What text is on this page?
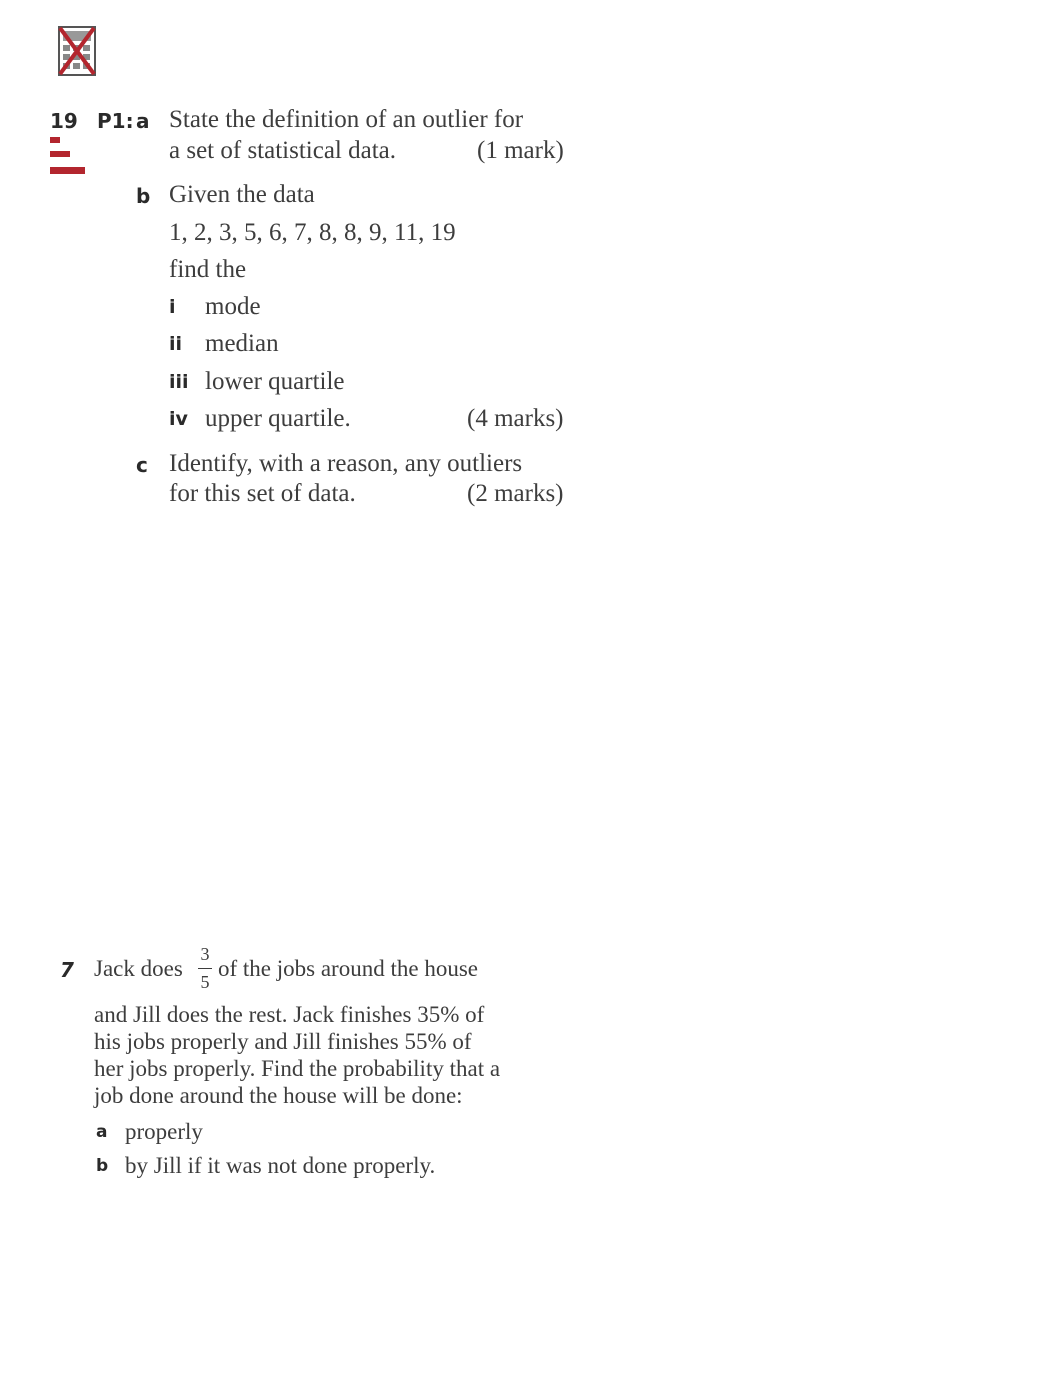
19 P1: a State the definition of an outlier for
a set of statistical data.	(1 mark)
b Given the data
1, 2, 3, 5, 6, 7, 8, 8, 9, 11, 19
find the
i mode
ii median
iii lower quartile
iv upper quartile.	(4 marks)
c Identify, with a reason, any outliers
for this set of data.	(2 marks)
7 Jack does
3
5
of the jobs around the house
and Jill does the rest. Jack finishes 35% of
his jobs properly and Jill finishes 55% of
her jobs properly. Find the probability that a
job done around the house will be done:
a properly
b by Jill if it was not done properly.
